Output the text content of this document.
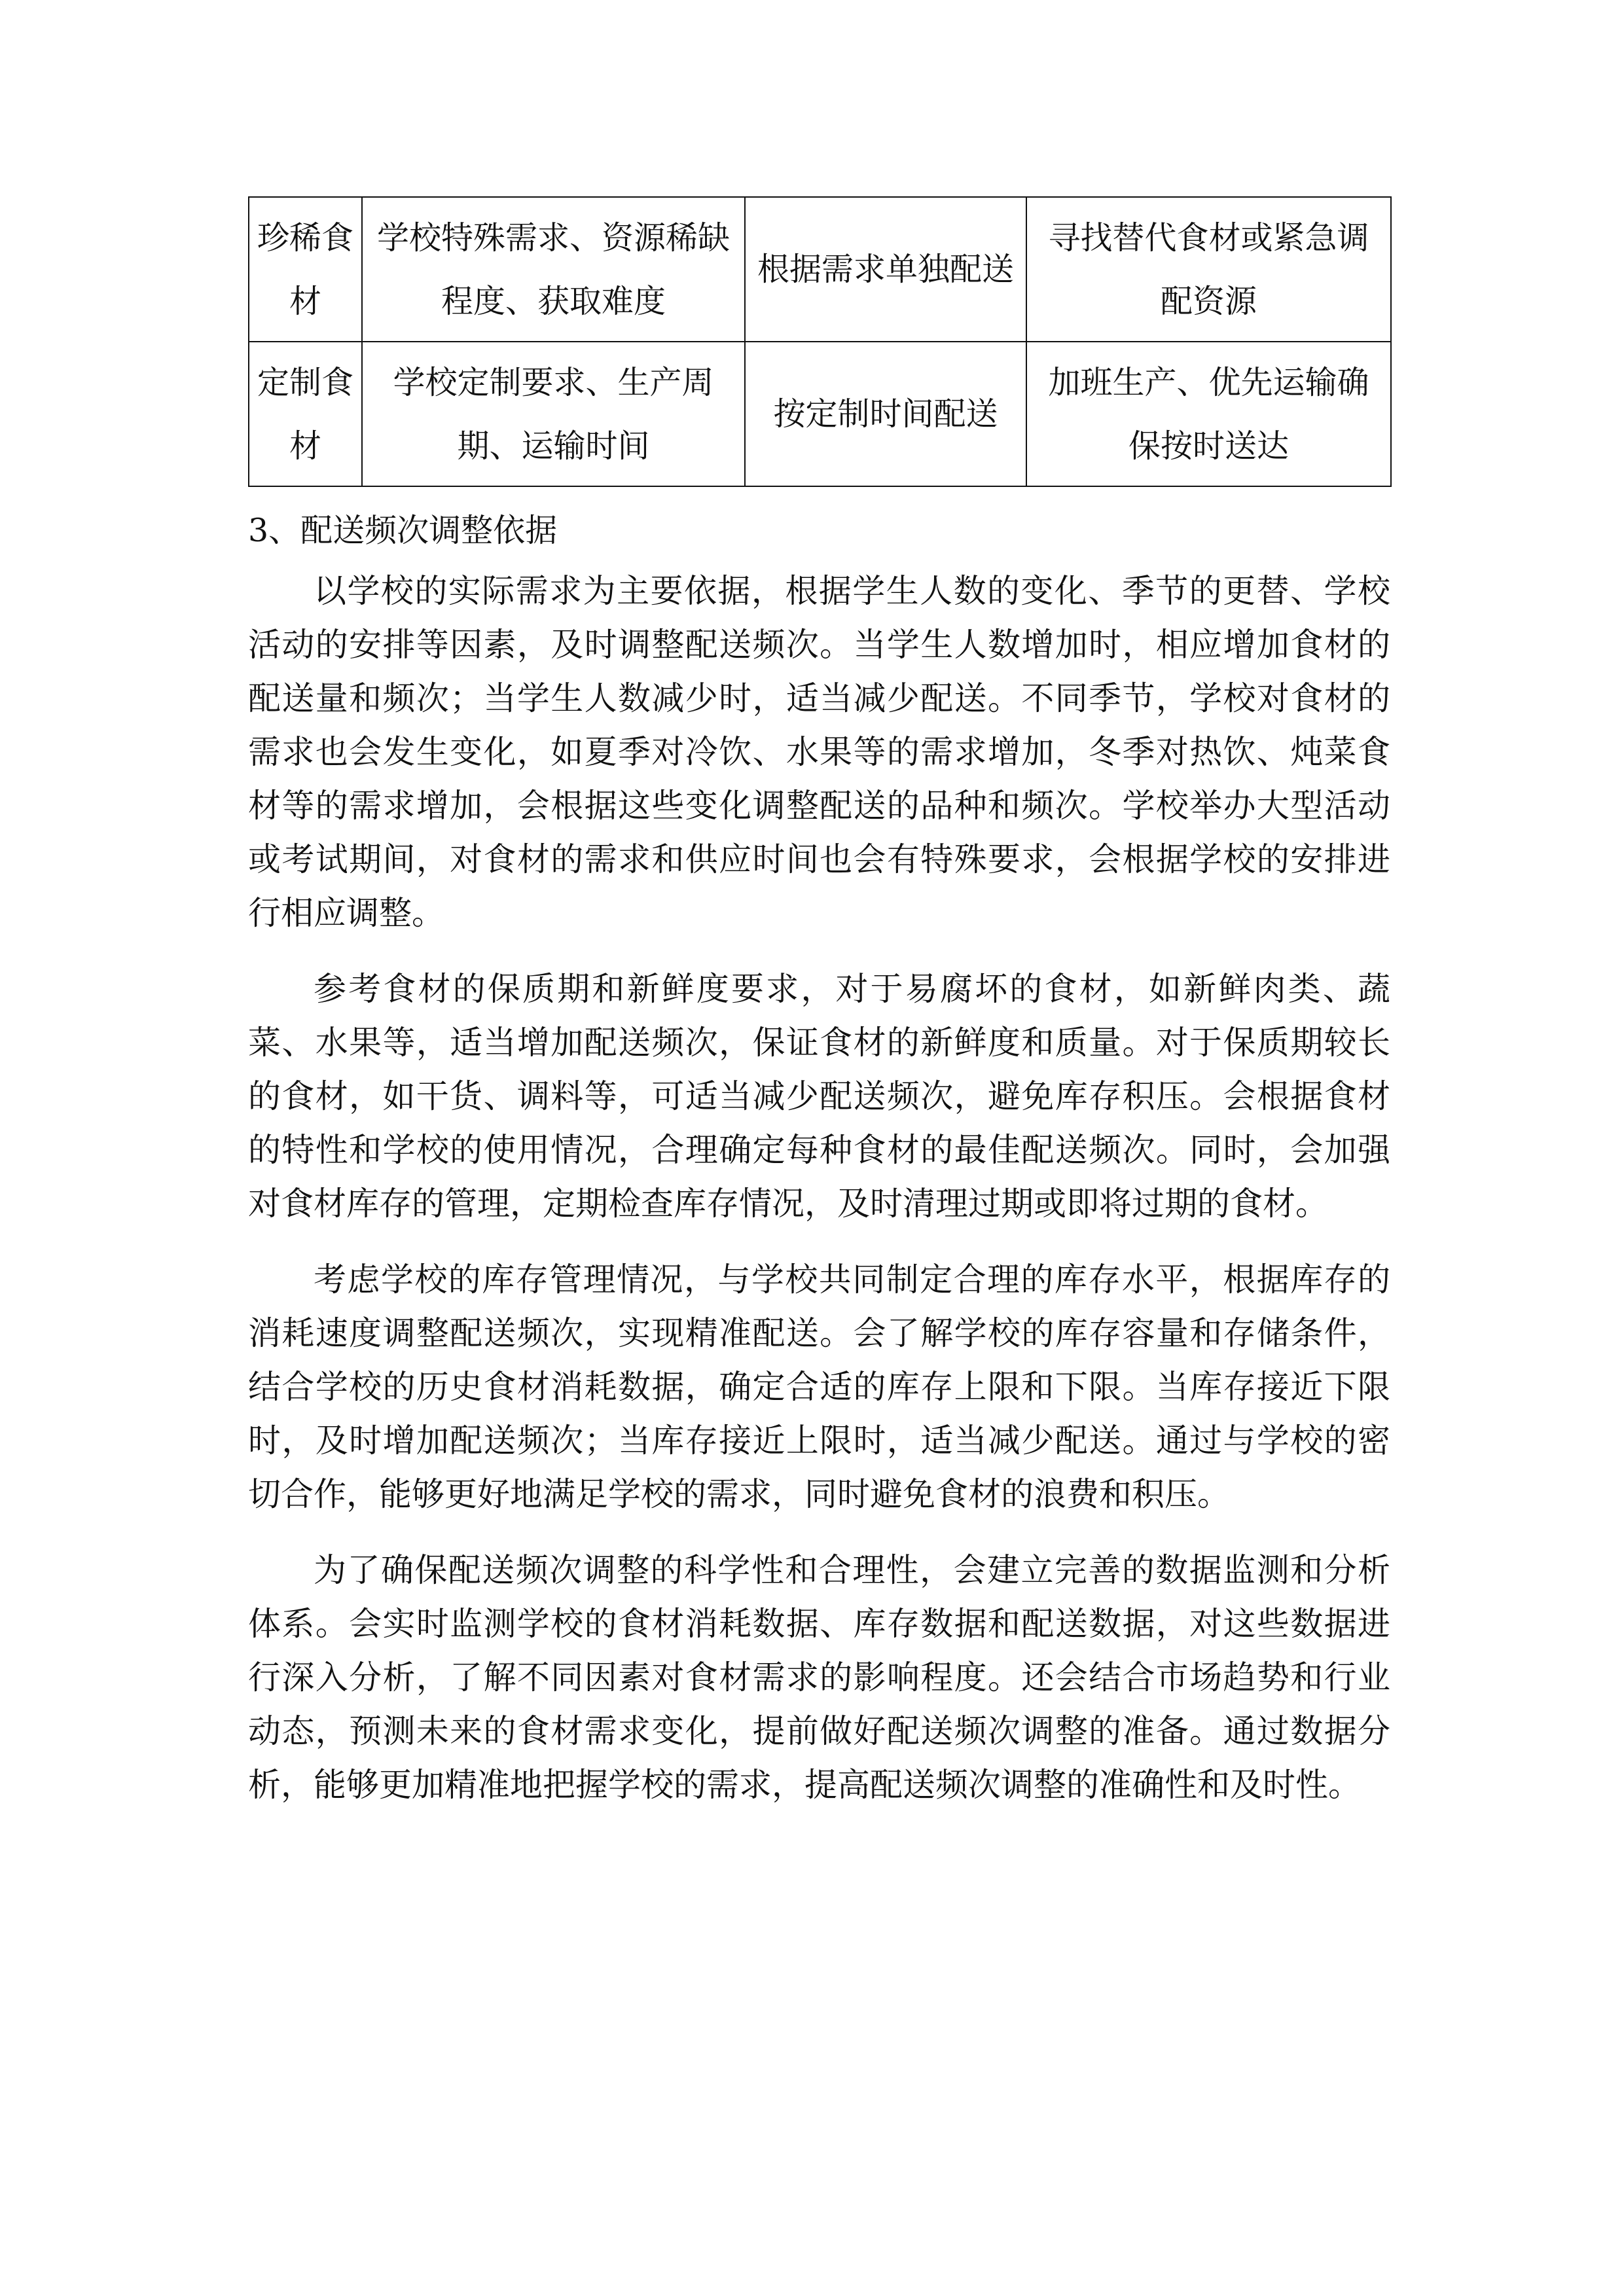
珍稀食材	学校特殊需求、资源稀缺程度、获取难度	根据需求单独配送	寻找替代食材或紧急调配资源
定制食材	学校定制要求、生产周期、运输时间	按定制时间配送	加班生产、优先运输确保按时送达
3、配送频次调整依据

以学校的实际需求为主要依据，根据学生人数的变化、季节的更替、学校活动的安排等因素，及时调整配送频次。当学生人数增加时，相应增加食材的配送量和频次；当学生人数减少时，适当减少配送。不同季节，学校对食材的需求也会发生变化，如夏季对冷饮、水果等的需求增加，冬季对热饮、炖菜食材等的需求增加，会根据这些变化调整配送的品种和频次。学校举办大型活动或考试期间，对食材的需求和供应时间也会有特殊要求，会根据学校的安排进行相应调整。

参考食材的保质期和新鲜度要求，对于易腐坏的食材，如新鲜肉类、蔬菜、水果等，适当增加配送频次，保证食材的新鲜度和质量。对于保质期较长的食材，如干货、调料等，可适当减少配送频次，避免库存积压。会根据食材的特性和学校的使用情况，合理确定每种食材的最佳配送频次。同时，会加强对食材库存的管理，定期检查库存情况，及时清理过期或即将过期的食材。

考虑学校的库存管理情况，与学校共同制定合理的库存水平，根据库存的消耗速度调整配送频次，实现精准配送。会了解学校的库存容量和存储条件，结合学校的历史食材消耗数据，确定合适的库存上限和下限。当库存接近下限时，及时增加配送频次；当库存接近上限时，适当减少配送。通过与学校的密切合作，能够更好地满足学校的需求，同时避免食材的浪费和积压。

为了确保配送频次调整的科学性和合理性，会建立完善的数据监测和分析体系。会实时监测学校的食材消耗数据、库存数据和配送数据，对这些数据进行深入分析，了解不同因素对食材需求的影响程度。还会结合市场趋势和行业动态，预测未来的食材需求变化，提前做好配送频次调整的准备。通过数据分析，能够更加精准地把握学校的需求，提高配送频次调整的准确性和及时性。
